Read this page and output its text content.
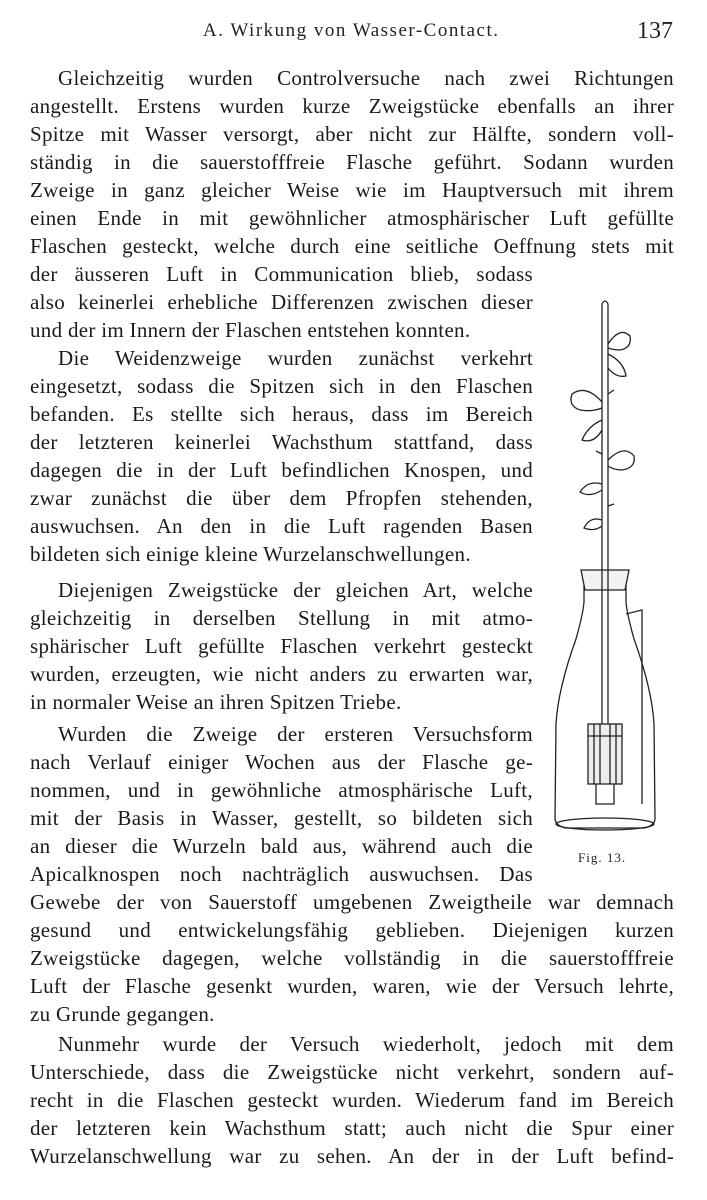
A. Wirkung von Wasser-Contact.	137
Gleichzeitig wurden Controlversuche nach zwei Richtungen
angestellt. Erstens wurden kurze Zweigstücke ebenfalls an ihrer
Spitze mit Wasser versorgt, aber nicht zur Hälfte, sondern voll-
ständig in die sauerstofffreie Flasche geführt. Sodann wurden
Zweige in ganz gleicher Weise wie im Hauptversuch mit ihrem
einen Ende in mit gewöhnlicher atmosphärischer Luft gefüllte
Flaschen gesteckt, welche durch eine seitliche Oeffnung stets mit
der äusseren Luft in Communication blieb, sodass
also keinerlei erhebliche Differenzen zwischen dieser
und der im Innern der Flaschen entstehen konnten.
Die Weidenzweige wurden zunächst verkehrt
eingesetzt, sodass die Spitzen sich in den Flaschen
befanden. Es stellte sich heraus, dass im Bereich
der letzteren keinerlei Wachsthum stattfand, dass
dagegen die in der Luft befindlichen Knospen, und
zwar zunächst die über dem Pfropfen stehenden,
auswuchsen. An den in die Luft ragenden Basen
bildeten sich einige kleine Wurzelanschwellungen.
Diejenigen Zweigstücke der gleichen Art, welche
gleichzeitig in derselben Stellung in mit atmo-
sphärischer Luft gefüllte Flaschen verkehrt gesteckt
wurden, erzeugten, wie nicht anders zu erwarten war,
in normaler Weise an ihren Spitzen Triebe.
Wurden die Zweige der ersteren Versuchsform
nach Verlauf einiger Wochen aus der Flasche ge-
nommen, und in gewöhnliche atmosphärische Luft,
mit der Basis in Wasser, gestellt, so bildeten sich
an dieser die Wurzeln bald aus, während auch die
Apicalknospen noch nachträglich auswuchsen. Das
Gewebe der von Sauerstoff umgebenen Zweigtheile war demnach
gesund und entwickelungsfähig geblieben. Diejenigen kurzen
Zweigstücke dagegen, welche vollständig in die sauerstofffreie
Luft der Flasche gesenkt wurden, waren, wie der Versuch lehrte,
zu Grunde gegangen.
Nunmehr wurde der Versuch wiederholt, jedoch mit dem
Unterschiede, dass die Zweigstücke nicht verkehrt, sondern auf-
recht in die Flaschen gesteckt wurden. Wiederum fand im Bereich
der letzteren kein Wachsthum statt; auch nicht die Spur einer
Wurzelanschwellung war zu sehen. An der in der Luft befind-
Fig. 13.
